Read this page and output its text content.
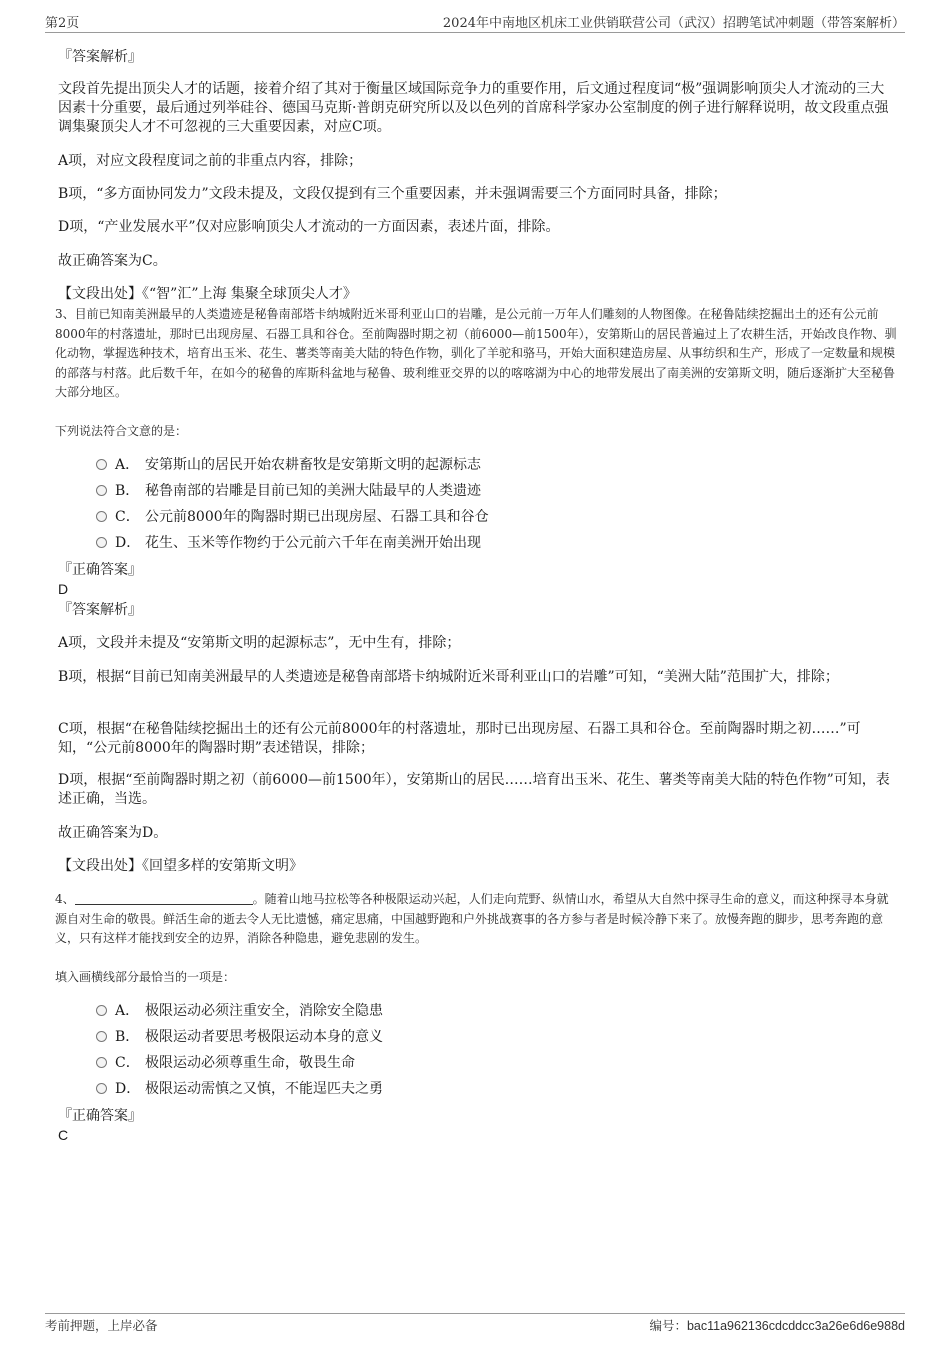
第2页	2024年中南地区机床工业供销联营公司（武汉）招聘笔试冲刺题（带答案解析）
『答案解析』
文段首先提出顶尖人才的话题，接着介绍了其对于衡量区域国际竞争力的重要作用，后文通过程度词“极”强调影响顶尖人才流动的三大因素十分重要，最后通过列举硅谷、德国马克斯·普朗克研究所以及以色列的首席科学家办公室制度的例子进行解释说明，故文段重点强调集聚顶尖人才不可忽视的三大重要因素，对应C项。
A项，对应文段程度词之前的非重点内容，排除；
B项，“多方面协同发力”文段未提及，文段仅提到有三个重要因素，并未强调需要三个方面同时具备，排除；
D项，“产业发展水平”仅对应影响顶尖人才流动的一方面因素，表述片面，排除。
故正确答案为C。
【文段出处】《“智”汇”上海 集聚全球顶尖人才》
3、目前已知南美洲最早的人类遗迹是秘鲁南部塔卡纳城附近米哥利亚山口的岩雕，是公元前一万年人们雕刻的人物图像。在秘鲁陆续挖掘出土的还有公元前8000年的村落遗址，那时已出现房屋、石器工具和谷仓。至前陶器时期之初（前6000—前1500年），安第斯山的居民普遍过上了农耕生活，开始改良作物、驯化动物，掌握选种技术，培育出玉米、花生、薯类等南美大陆的特色作物，驯化了羊驼和骆马，开始大面积建造房屋、从事纺织和生产，形成了一定数量和规模的部落与村落。此后数千年，在如今的秘鲁的库斯科盆地与秘鲁、玻利维亚交界的以的喀喀湖为中心的地带发展出了南美洲的安第斯文明，随后逐渐扩大至秘鲁大部分地区。
下列说法符合文意的是：
A． 安第斯山的居民开始农耕畜牧是安第斯文明的起源标志
B． 秘鲁南部的岩雕是目前已知的美洲大陆最早的人类遗迹
C． 公元前8000年的陶器时期已出现房屋、石器工具和谷仓
D． 花生、玉米等作物约于公元前六千年在南美洲开始出现
『正确答案』
D
『答案解析』
A项，文段并未提及“安第斯文明的起源标志”，无中生有，排除；
B项，根据“目前已知南美洲最早的人类遗迹是秘鲁南部塔卡纳城附近米哥利亚山口的岩雕”可知，“美洲大陆”范围扩大，排除；
C项，根据“在秘鲁陆续挖掘出土的还有公元前8000年的村落遗址，那时已出现房屋、石器工具和谷仓。至前陶器时期之初……”可知，“公元前8000年的陶器时期”表述错误，排除；
D项，根据“至前陶器时期之初（前6000—前1500年），安第斯山的居民……培育出玉米、花生、薯类等南美大陆的特色作物”可知，表述正确，当选。
故正确答案为D。
【文段出处】《回望多样的安第斯文明》
4、	。随着山地马拉松等各种极限运动兴起，人们走向荒野、纵情山水，希望从大自然中探寻生命的意义，而这种探寻本身就源自对生命的敬畏。鲜活生命的逝去令人无比遗憾，痛定思痛，中国越野跑和户外挑战赛事的各方参与者是时候冷静下来了。放慢奔跑的脚步，思考奔跑的意义，只有这样才能找到安全的边界，消除各种隐患，避免悲剧的发生。
填入画横线部分最恰当的一项是：
A． 极限运动必须注重安全，消除安全隐患
B． 极限运动者要思考极限运动本身的意义
C． 极限运动必须尊重生命，敬畏生命
D． 极限运动需慎之又慎，不能逞匹夫之勇
『正确答案』
C
考前押题，上岸必备	编号：bac11a962136cdcddcc3a26e6d6e988d
